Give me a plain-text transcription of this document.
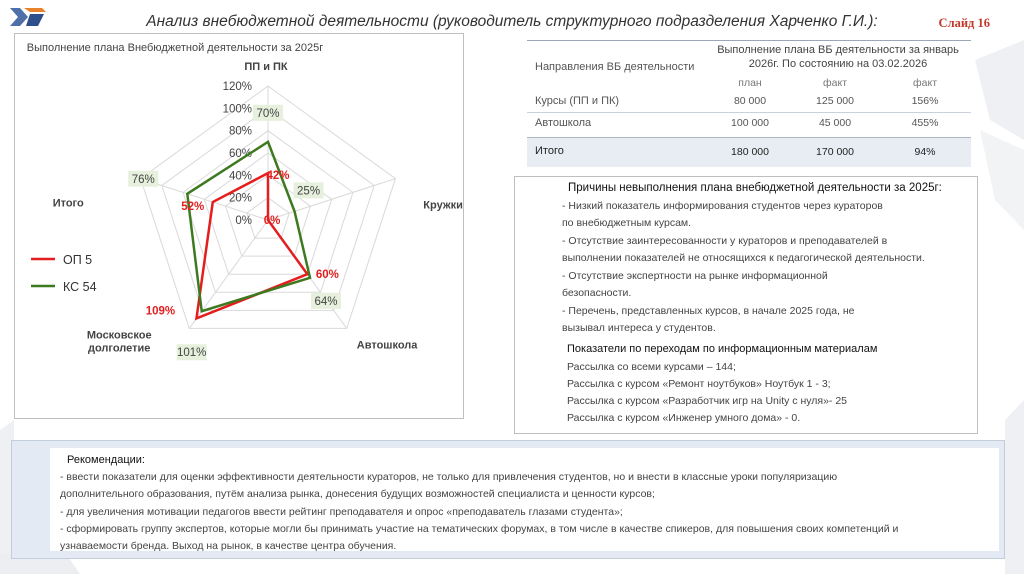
Анализ внебюджетной деятельности (руководитель структурного подразделения Харченко Г.И.):	Слайд 16
Выполнение плана Внебюджетной деятельности за 2025г
0%
20%
40%
60%
80%
100%
120%
ПП и ПК
Кружки
Автошкола
Московское долголетие
Итого
42%
0%
60%
109%
52%
70%
25%
64%
101%
76%
ОП 5
КС 54
Направления ВБ деятельности
Выполнение плана ВБ деятельности за январь 2026г. По состоянию на 03.02.2026
план	факт	факт
Курсы (ПП и ПК)	80 000	125 000	156%
Автошкола	100 000	45 000	455%
Итого	180 000	170 000	94%
Причины невыполнения плана внебюджетной деятельности за 2025г:
- Низкий показатель информирования студентов через кураторов
по внебюджетным курсам.
- Отсутствие заинтересованности у кураторов и преподавателей в
выполнении показателей не относящихся к педагогической деятельности.
- Отсутствие экспертности на рынке информационной
безопасности.
- Перечень, представленных курсов, в начале 2025 года, не
вызывал интереса у студентов.
Показатели по переходам по информационным материалам
Рассылка со всеми курсами – 144;
Рассылка с курсом «Ремонт ноутбуков» Ноутбук 1 - 3;
Рассылка с курсом «Разработчик игр на Unity с нуля»- 25
Рассылка с курсом «Инженер умного дома» - 0.
Рекомендации:
- ввести показатели для оценки эффективности деятельности кураторов, не только для привлечения студентов, но и внести в классные уроки популяризацию
дополнительного образования, путём анализа рынка, донесения будущих возможностей специалиста и ценности курсов;
- для увеличения мотивации педагогов ввести рейтинг преподавателя и опрос «преподаватель глазами студента»;
- сформировать группу экспертов, которые могли бы принимать участие на тематических форумах, в том числе в качестве спикеров, для повышения своих компетенций и
узнаваемости бренда. Выход на рынок, в качестве центра обучения.
